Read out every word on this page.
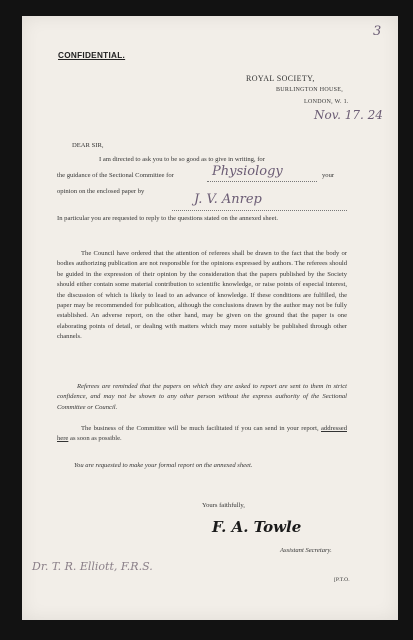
3
CONFIDENTIAL.
ROYAL SOCIETY,
BURLINGTON HOUSE,
LONDON, W. 1.
Nov. 17. 24
DEAR SIR,
I am directed to ask you to be so good as to give in writing, for
the guidance of the Sectional Committee for	Physiology	your
opinion on the enclosed paper by
J. V. Anrep
In particular you are requested to reply to the questions stated on the annexed sheet.
The Council have ordered that the attention of referees shall be drawn to the fact that the body or bodies authorizing publication are not responsible for the opinions expressed by authors. The referees should be guided in the expression of their opinion by the consideration that the papers published by the Society should either contain some material contribution to scientific knowledge, or raise points of especial interest, the discussion of which is likely to lead to an advance of knowledge. If these conditions are fulfilled, the paper may be recommended for publication, although the conclusions drawn by the author may not be fully established. An adverse report, on the other hand, may be given on the ground that the paper is one elaborating points of detail, or dealing with matters which may more suitably be published through other channels.
Referees are reminded that the papers on which they are asked to report are sent to them in strict confidence, and may not be shown to any other person without the express authority of the Sectional Committee or Council.
The business of the Committee will be much facilitated if you can send in your report, addressed here as soon as possible.
You are requested to make your formal report on the annexed sheet.
Yours faithfully,
F. A. Towle
Assistant Secretary.
Dr. T. R. Elliott, F.R.S.
[P.T.O.
